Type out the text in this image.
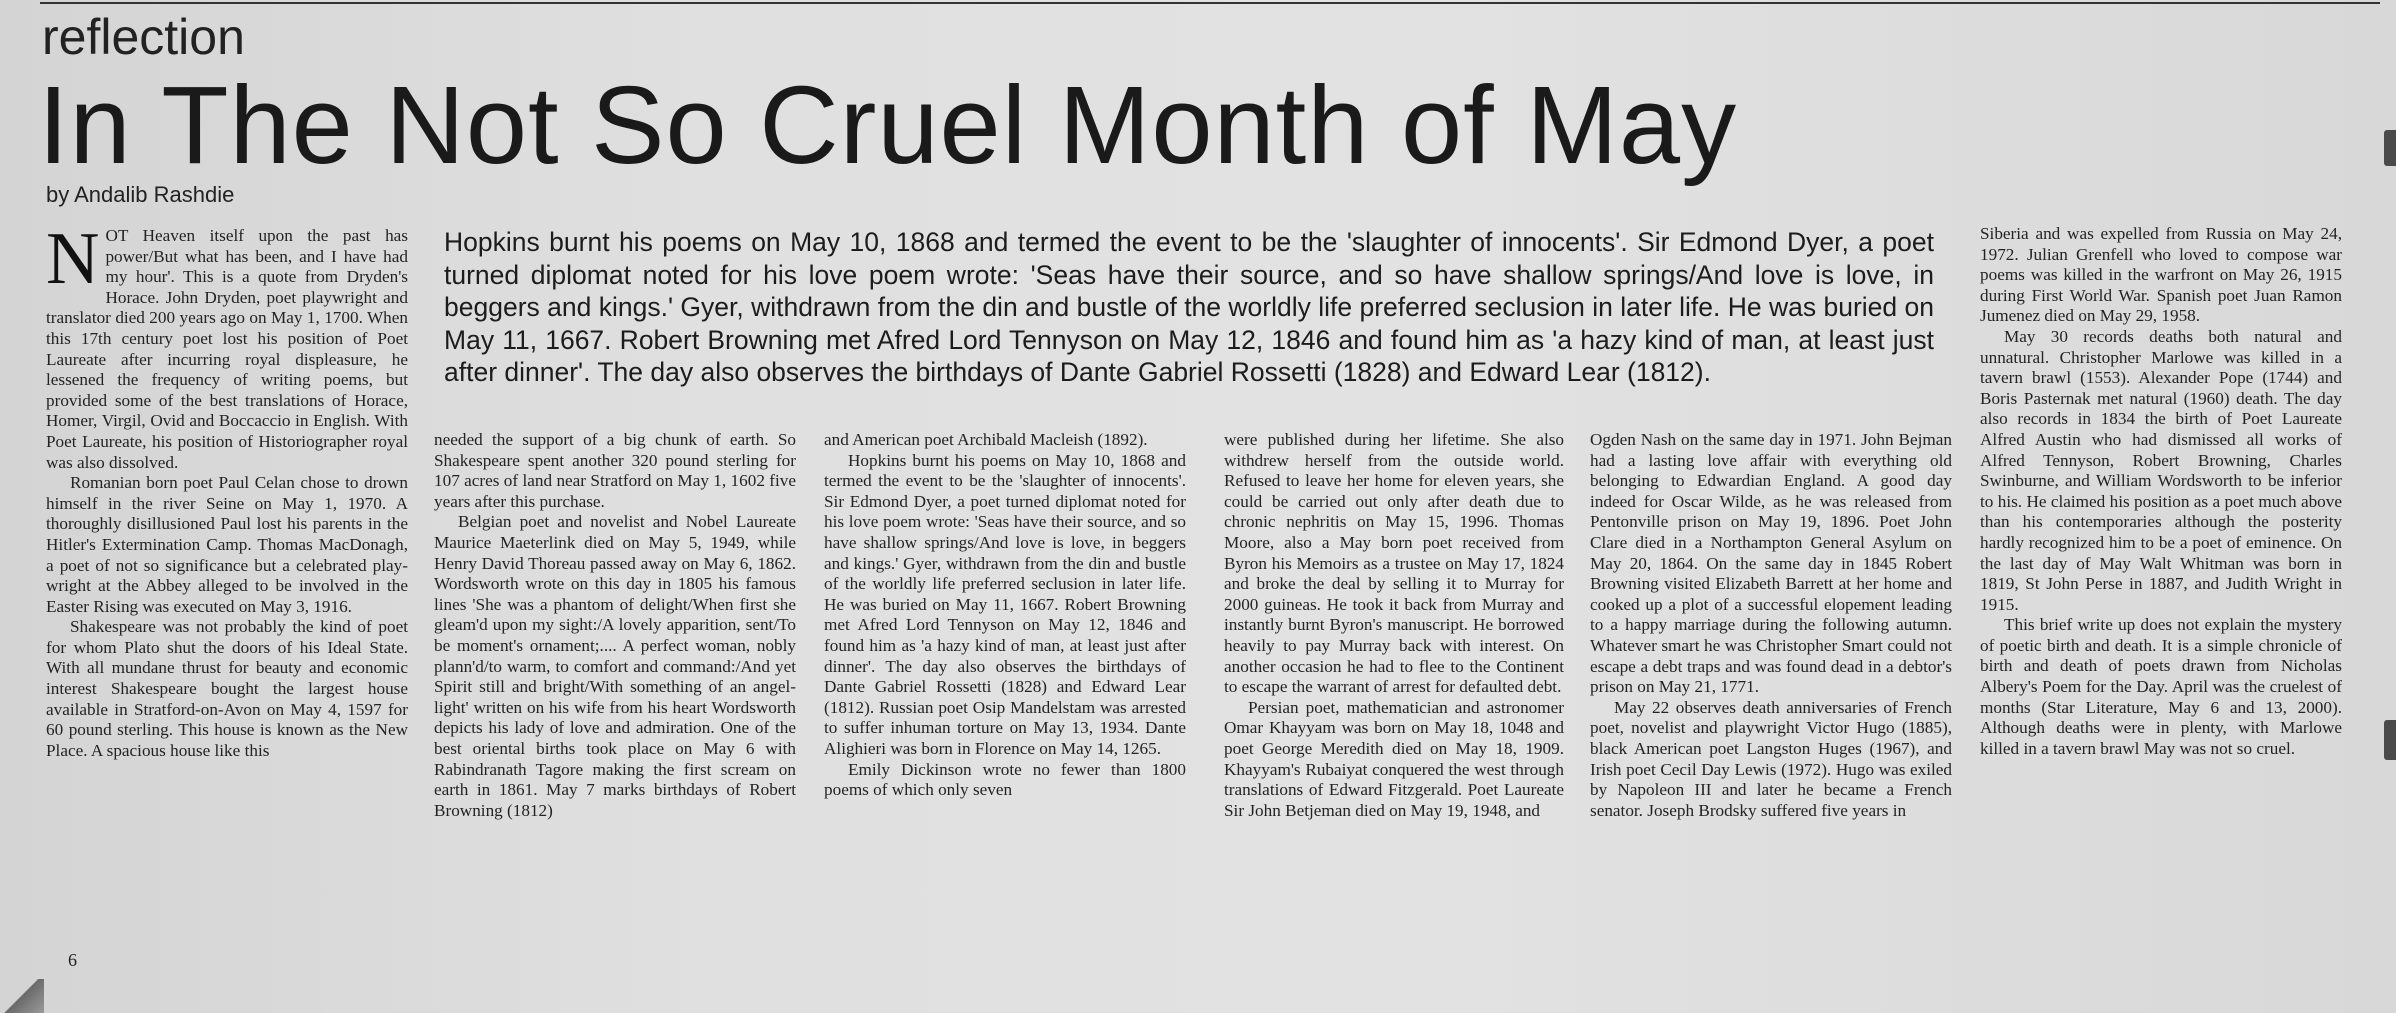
reflection
In The Not So Cruel Month of May
by Andalib Rashdie

NOT Heaven itself upon the past has power/But what has been, and I have had my hour'. This is a quote from Dryden's Horace. John Dryden, poet playwright and translator died 200 years ago on May 1, 1700. When this 17th century poet lost his position of Poet Laureate after incurring royal displeasure, he lessened the frequency of writing poems, but provided some of the best translations of Horace, Homer, Virgil, Ovid and Boccaccio in English. With Poet Laureate, his position of Historiographer royal was also dissolved.

Romanian born poet Paul Celan chose to drown himself in the river Seine on May 1, 1970. A thoroughly disillusioned Paul lost his parents in the Hitler's Extermination Camp. Thomas MacDonagh, a poet of not so significance but a celebrated play-wright at the Abbey alleged to be involved in the Easter Rising was executed on May 3, 1916.

Shakespeare was not probably the kind of poet for whom Plato shut the doors of his Ideal State. With all mundane thrust for beauty and economic interest Shakespeare bought the largest house available in Stratford-on-Avon on May 4, 1597 for 60 pound sterling. This house is known as the New Place. A spacious house like this

Hopkins burnt his poems on May 10, 1868 and termed the event to be the 'slaughter of innocents'. Sir Edmond Dyer, a poet turned diplomat noted for his love poem wrote: 'Seas have their source, and so have shallow springs/And love is love, in beggers and kings.' Gyer, withdrawn from the din and bustle of the worldly life preferred seclusion in later life. He was buried on May 11, 1667. Robert Browning met Afred Lord Tennyson on May 12, 1846 and found him as 'a hazy kind of man, at least just after dinner'. The day also observes the birthdays of Dante Gabriel Rossetti (1828) and Edward Lear (1812).

needed the support of a big chunk of earth. So Shakespeare spent another 320 pound sterling for 107 acres of land near Stratford on May 1, 1602 five years after this purchase.

Belgian poet and novelist and Nobel Laureate Maurice Maeterlink died on May 5, 1949, while Henry David Thoreau passed away on May 6, 1862. Wordsworth wrote on this day in 1805 his famous lines 'She was a phantom of delight/When first she gleam'd upon my sight:/A lovely apparition, sent/To be moment's ornament;.... A perfect woman, nobly plann'd/to warm, to comfort and command:/And yet Spirit still and bright/With something of an angel-light' written on his wife from his heart Wordsworth depicts his lady of love and admiration. One of the best oriental births took place on May 6 with Rabindranath Tagore making the first scream on earth in 1861. May 7 marks birthdays of Robert Browning (1812)

and American poet Archibald Macleish (1892).

Hopkins burnt his poems on May 10, 1868 and termed the event to be the 'slaughter of innocents'. Sir Edmond Dyer, a poet turned diplomat noted for his love poem wrote: 'Seas have their source, and so have shallow springs/And love is love, in beggers and kings.' Gyer, withdrawn from the din and bustle of the worldly life preferred seclusion in later life. He was buried on May 11, 1667. Robert Browning met Afred Lord Tennyson on May 12, 1846 and found him as 'a hazy kind of man, at least just after dinner'. The day also observes the birthdays of Dante Gabriel Rossetti (1828) and Edward Lear (1812). Russian poet Osip Mandelstam was arrested to suffer inhuman torture on May 13, 1934. Dante Alighieri was born in Florence on May 14, 1265.

Emily Dickinson wrote no fewer than 1800 poems of which only seven

were published during her lifetime. She also withdrew herself from the outside world. Refused to leave her home for eleven years, she could be carried out only after death due to chronic nephritis on May 15, 1996. Thomas Moore, also a May born poet received from Byron his Memoirs as a trustee on May 17, 1824 and broke the deal by selling it to Murray for 2000 guineas. He took it back from Murray and instantly burnt Byron's manuscript. He borrowed heavily to pay Murray back with interest. On another occasion he had to flee to the Continent to escape the warrant of arrest for defaulted debt.

Persian poet, mathematician and astronomer Omar Khayyam was born on May 18, 1048 and poet George Meredith died on May 18, 1909. Khayyam's Rubaiyat conquered the west through translations of Edward Fitzgerald. Poet Laureate Sir John Betjeman died on May 19, 1948, and

Ogden Nash on the same day in 1971. John Bejman had a lasting love affair with everything old belonging to Edwardian England. A good day indeed for Oscar Wilde, as he was released from Pentonville prison on May 19, 1896. Poet John Clare died in a Northampton General Asylum on May 20, 1864. On the same day in 1845 Robert Browning visited Elizabeth Barrett at her home and cooked up a plot of a successful elopement leading to a happy marriage during the following autumn. Whatever smart he was Christopher Smart could not escape a debt traps and was found dead in a debtor's prison on May 21, 1771.

May 22 observes death anniversaries of French poet, novelist and playwright Victor Hugo (1885), black American poet Langston Huges (1967), and Irish poet Cecil Day Lewis (1972). Hugo was exiled by Napoleon III and later he became a French senator. Joseph Brodsky suffered five years in

Siberia and was expelled from Russia on May 24, 1972. Julian Grenfell who loved to compose war poems was killed in the warfront on May 26, 1915 during First World War. Spanish poet Juan Ramon Jumenez died on May 29, 1958.

May 30 records deaths both natural and unnatural. Christopher Marlowe was killed in a tavern brawl (1553). Alexander Pope (1744) and Boris Pasternak met natural (1960) death. The day also records in 1834 the birth of Poet Laureate Alfred Austin who had dismissed all works of Alfred Tennyson, Robert Browning, Charles Swinburne, and William Wordsworth to be inferior to his. He claimed his position as a poet much above than his contemporaries although the posterity hardly recognized him to be a poet of eminence. On the last day of May Walt Whitman was born in 1819, St John Perse in 1887, and Judith Wright in 1915.

This brief write up does not explain the mystery of poetic birth and death. It is a simple chronicle of birth and death of poets drawn from Nicholas Albery's Poem for the Day. April was the cruelest of months (Star Literature, May 6 and 13, 2000). Although deaths were in plenty, with Marlowe killed in a tavern brawl May was not so cruel.

6
